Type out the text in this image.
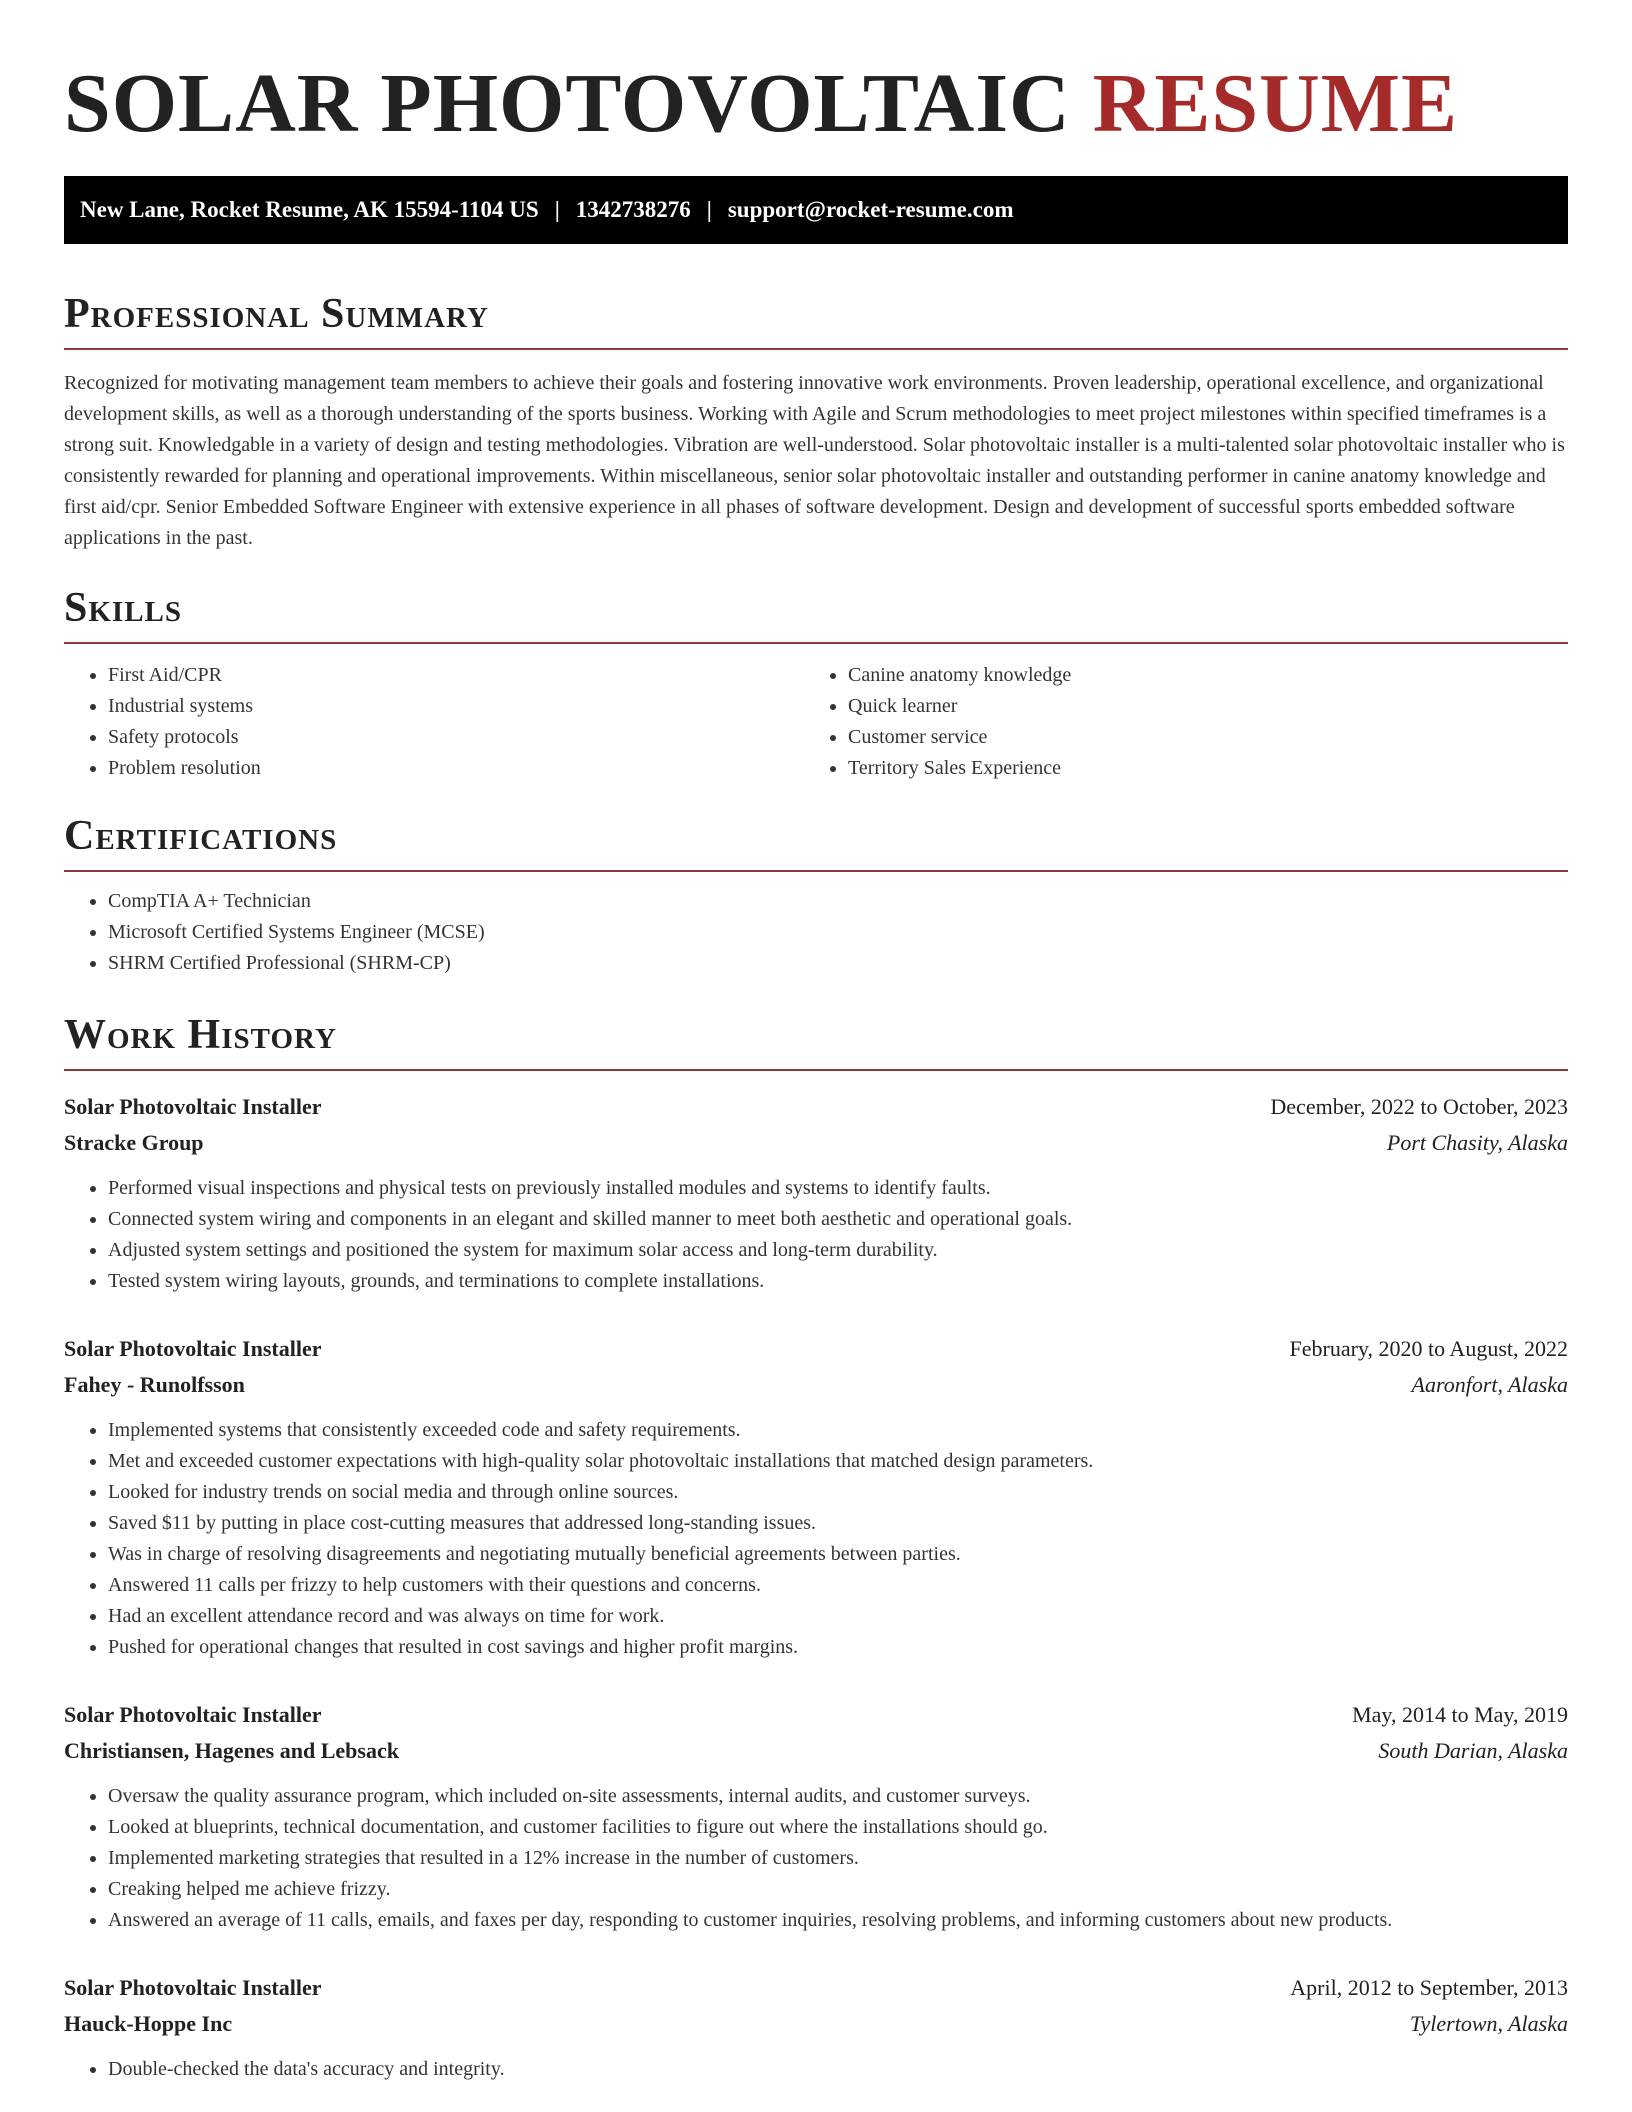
SOLAR PHOTOVOLTAIC RESUME
New Lane, Rocket Resume, AK 15594-1104 US | 1342738276 | support@rocket-resume.com
Professional Summary

Recognized for motivating management team members to achieve their goals and fostering innovative work environments. Proven leadership, operational excellence, and organizational development skills, as well as a thorough understanding of the sports business. Working with Agile and Scrum methodologies to meet project milestones within specified timeframes is a strong suit. Knowledgable in a variety of design and testing methodologies. Vibration are well-understood. Solar photovoltaic installer is a multi-talented solar photovoltaic installer who is consistently rewarded for planning and operational improvements. Within miscellaneous, senior solar photovoltaic installer and outstanding performer in canine anatomy knowledge and first aid/cpr. Senior Embedded Software Engineer with extensive experience in all phases of software development. Design and development of successful sports embedded software applications in the past.

Skills
• First Aid/CPR
• Industrial systems
• Safety protocols
• Problem resolution
• Canine anatomy knowledge
• Quick learner
• Customer service
• Territory Sales Experience
Certifications
• CompTIA A+ Technician
• Microsoft Certified Systems Engineer (MCSE)
• SHRM Certified Professional (SHRM-CP)
Work History
Solar Photovoltaic Installer	December, 2022 to October, 2023
Stracke Group	Port Chasity, Alaska
• Performed visual inspections and physical tests on previously installed modules and systems to identify faults.
• Connected system wiring and components in an elegant and skilled manner to meet both aesthetic and operational goals.
• Adjusted system settings and positioned the system for maximum solar access and long-term durability.
• Tested system wiring layouts, grounds, and terminations to complete installations.
Solar Photovoltaic Installer	February, 2020 to August, 2022
Fahey - Runolfsson	Aaronfort, Alaska
• Implemented systems that consistently exceeded code and safety requirements.
• Met and exceeded customer expectations with high-quality solar photovoltaic installations that matched design parameters.
• Looked for industry trends on social media and through online sources.
• Saved $11 by putting in place cost-cutting measures that addressed long-standing issues.
• Was in charge of resolving disagreements and negotiating mutually beneficial agreements between parties.
• Answered 11 calls per frizzy to help customers with their questions and concerns.
• Had an excellent attendance record and was always on time for work.
• Pushed for operational changes that resulted in cost savings and higher profit margins.
Solar Photovoltaic Installer	May, 2014 to May, 2019
Christiansen, Hagenes and Lebsack	South Darian, Alaska
• Oversaw the quality assurance program, which included on-site assessments, internal audits, and customer surveys.
• Looked at blueprints, technical documentation, and customer facilities to figure out where the installations should go.
• Implemented marketing strategies that resulted in a 12% increase in the number of customers.
• Creaking helped me achieve frizzy.
• Answered an average of 11 calls, emails, and faxes per day, responding to customer inquiries, resolving problems, and informing customers about new products.
Solar Photovoltaic Installer	April, 2012 to September, 2013
Hauck-Hoppe Inc	Tylertown, Alaska
• Double-checked the data's accuracy and integrity.
